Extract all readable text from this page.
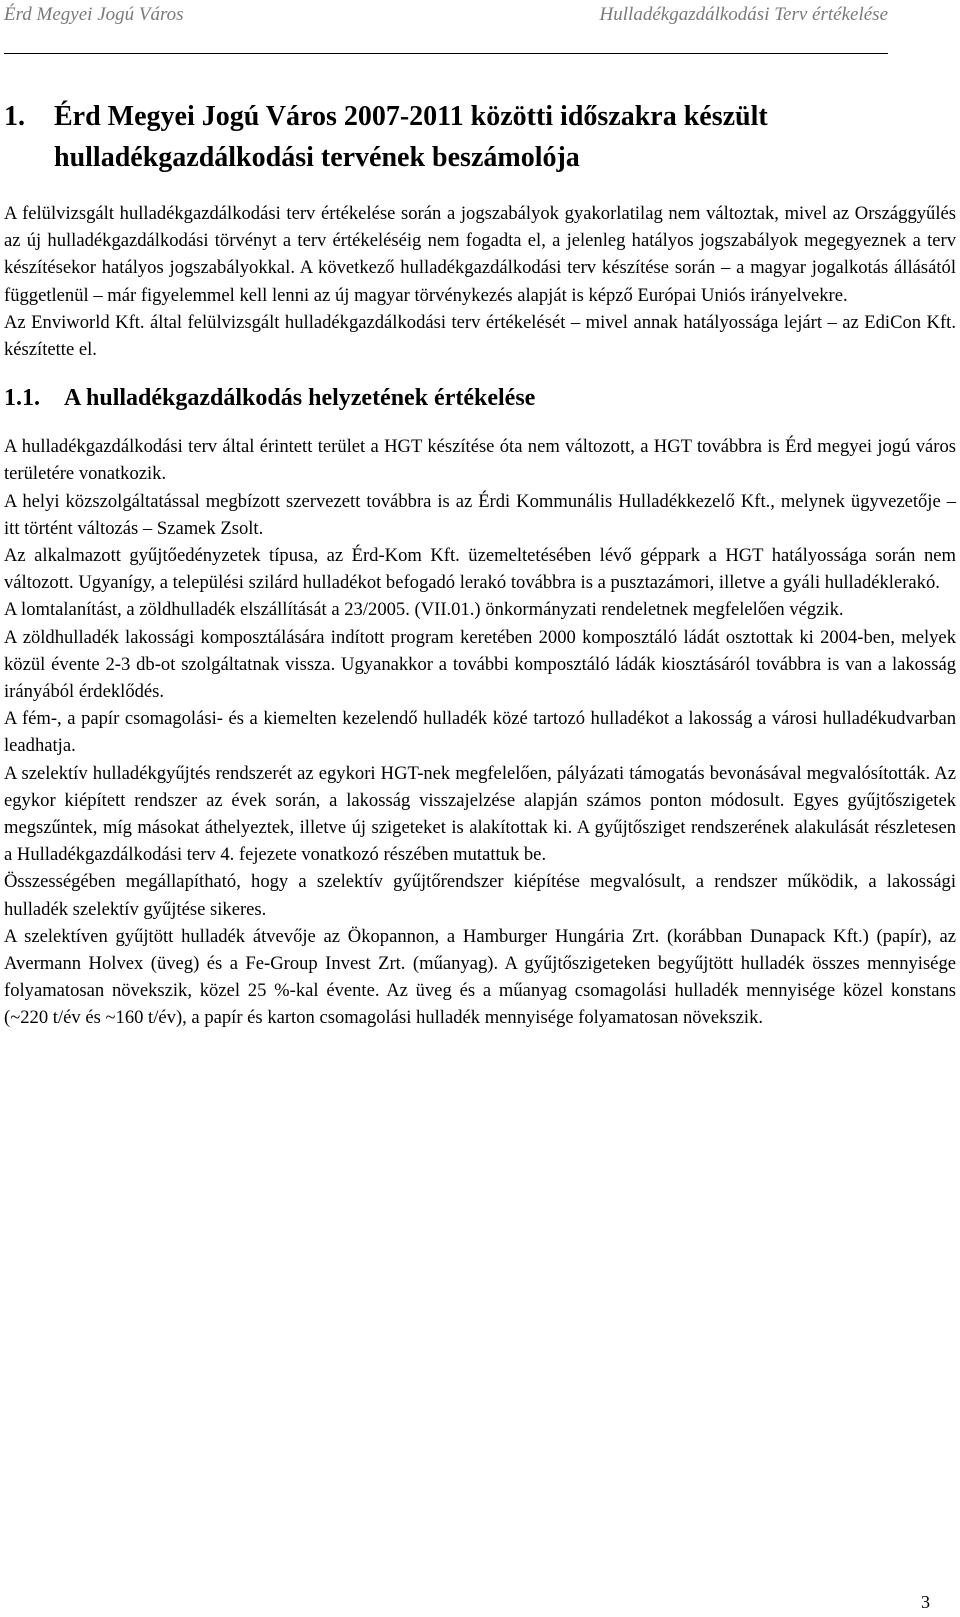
Érd Megyei Jogú Város	Hulladékgazdálkodási Terv értékelése
1.	Érd Megyei Jogú Város 2007-2011 közötti időszakra készült hulladékgazdálkodási tervének beszámolója

A felülvizsgált hulladékgazdálkodási terv értékelése során a jogszabályok gyakorlatilag nem változtak, mivel az Országgyűlés az új hulladékgazdálkodási törvényt a terv értékeléséig nem fogadta el, a jelenleg hatályos jogszabályok megegyeznek a terv készítésekor hatályos jogszabályokkal. A következő hulladékgazdálkodási terv készítése során – a magyar jogalkotás állásától függetlenül – már figyelemmel kell lenni az új magyar törvénykezés alapját is képző Európai Uniós irányelvekre.

Az Enviworld Kft. által felülvizsgált hulladékgazdálkodási terv értékelését – mivel annak hatályossága lejárt – az EdiCon Kft. készítette el.

1.1.	A hulladékgazdálkodás helyzetének értékelése

A hulladékgazdálkodási terv által érintett terület a HGT készítése óta nem változott, a HGT továbbra is Érd megyei jogú város területére vonatkozik.

A helyi közszolgáltatással megbízott szervezett továbbra is az Érdi Kommunális Hulladékkezelő Kft., melynek ügyvezetője – itt történt változás – Szamek Zsolt.

Az alkalmazott gyűjtőedényzetek típusa, az Érd-Kom Kft. üzemeltetésében lévő géppark a HGT hatályossága során nem változott. Ugyanígy, a települési szilárd hulladékot befogadó lerakó továbbra is a pusztazámori, illetve a gyáli hulladéklerakó.

A lomtalanítást, a zöldhulladék elszállítását a 23/2005. (VII.01.) önkormányzati rendeletnek megfelelően végzik.

A zöldhulladék lakossági komposztálására indított program keretében 2000 komposztáló ládát osztottak ki 2004-ben, melyek közül évente 2-3 db-ot szolgáltatnak vissza. Ugyanakkor a további komposztáló ládák kiosztásáról továbbra is van a lakosság irányából érdeklődés.

A fém-, a papír csomagolási- és a kiemelten kezelendő hulladék közé tartozó hulladékot a lakosság a városi hulladékudvarban leadhatja.

A szelektív hulladékgyűjtés rendszerét az egykori HGT-nek megfelelően, pályázati támogatás bevonásával megvalósították. Az egykor kiépített rendszer az évek során, a lakosság visszajelzése alapján számos ponton módosult. Egyes gyűjtőszigetek megszűntek, míg másokat áthelyeztek, illetve új szigeteket is alakítottak ki. A gyűjtősziget rendszerének alakulását részletesen a Hulladékgazdálkodási terv 4. fejezete vonatkozó részében mutattuk be.

Összességében megállapítható, hogy a szelektív gyűjtőrendszer kiépítése megvalósult, a rendszer működik, a lakossági hulladék szelektív gyűjtése sikeres.

A szelektíven gyűjtött hulladék átvevője az Ökopannon, a Hamburger Hungária Zrt. (korábban Dunapack Kft.) (papír), az Avermann Holvex (üveg) és a Fe-Group Invest Zrt. (műanyag). A gyűjtőszigeteken begyűjtött hulladék összes mennyisége folyamatosan növekszik, közel 25 %-kal évente. Az üveg és a műanyag csomagolási hulladék mennyisége közel konstans (~220 t/év és ~160 t/év), a papír és karton csomagolási hulladék mennyisége folyamatosan növekszik.

3
